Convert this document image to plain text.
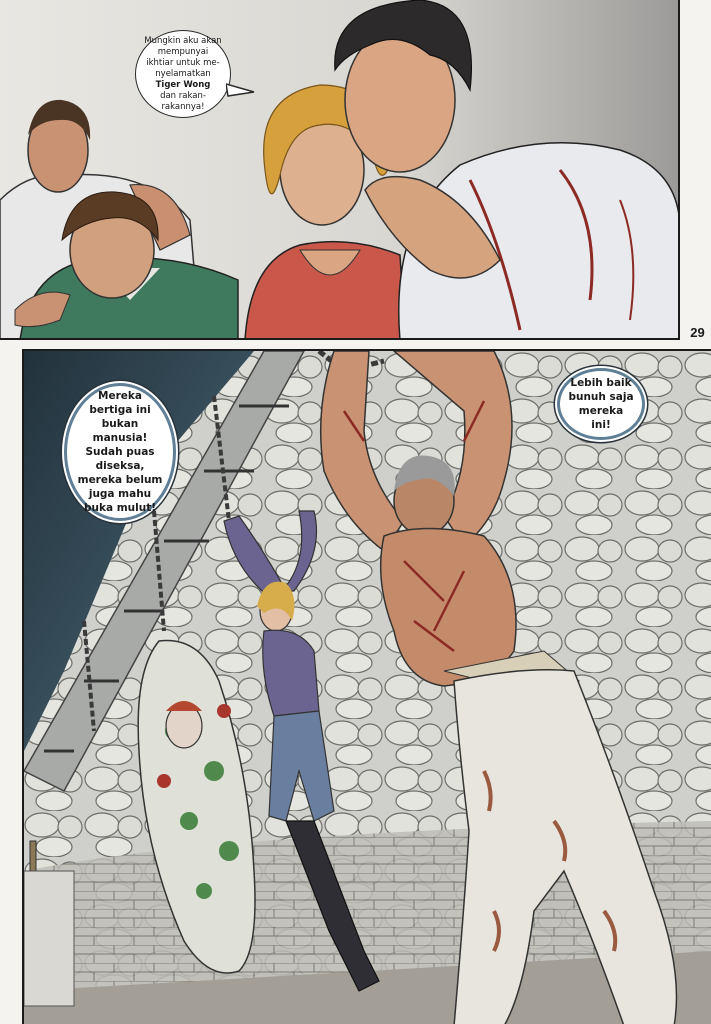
Mungkin aku akan mempunyai ikhtiar untuk me-nyelamatkan
Tiger Wong
dan rakan-rakannya!
29
Mereka bertiga ini bukan manusia! Sudah puas diseksa, mereka belum juga mahu buka mulut!
Lebih baik bunuh saja mereka ini!
